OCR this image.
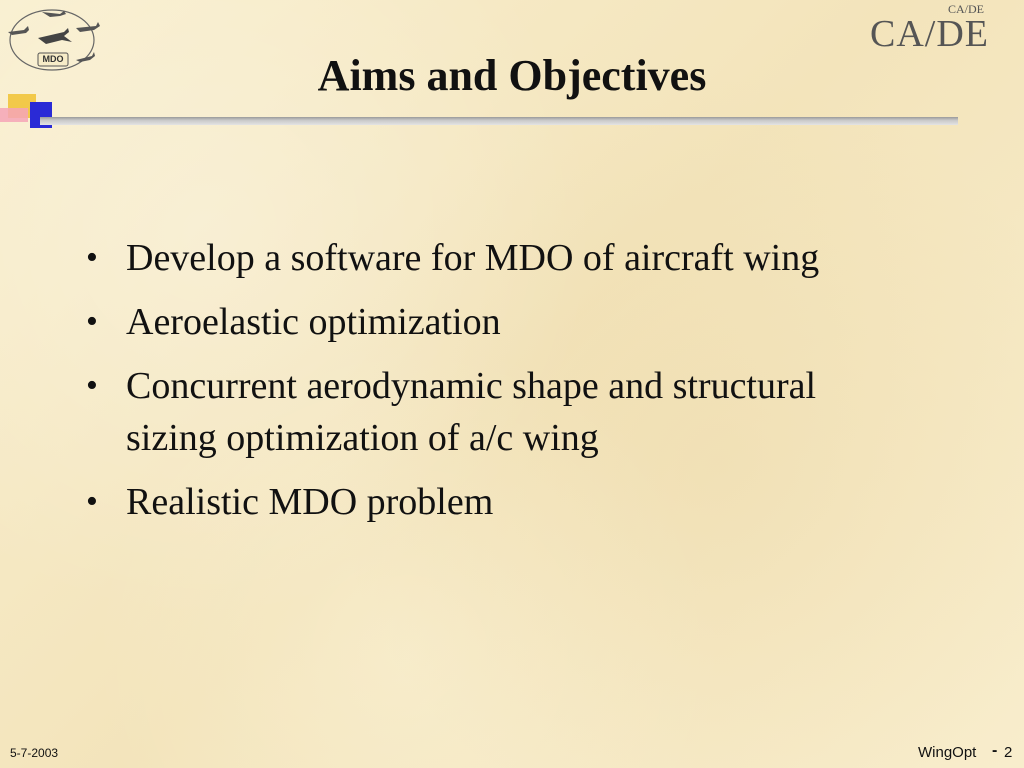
MDO
CA/DE
CA/DE
Aims and Objectives
• Develop a software for MDO of aircraft wing
• Aeroelastic optimization
• Concurrent aerodynamic shape and structural sizing optimization of a/c wing
• Realistic MDO problem
5-7-2003	WingOpt - 2
